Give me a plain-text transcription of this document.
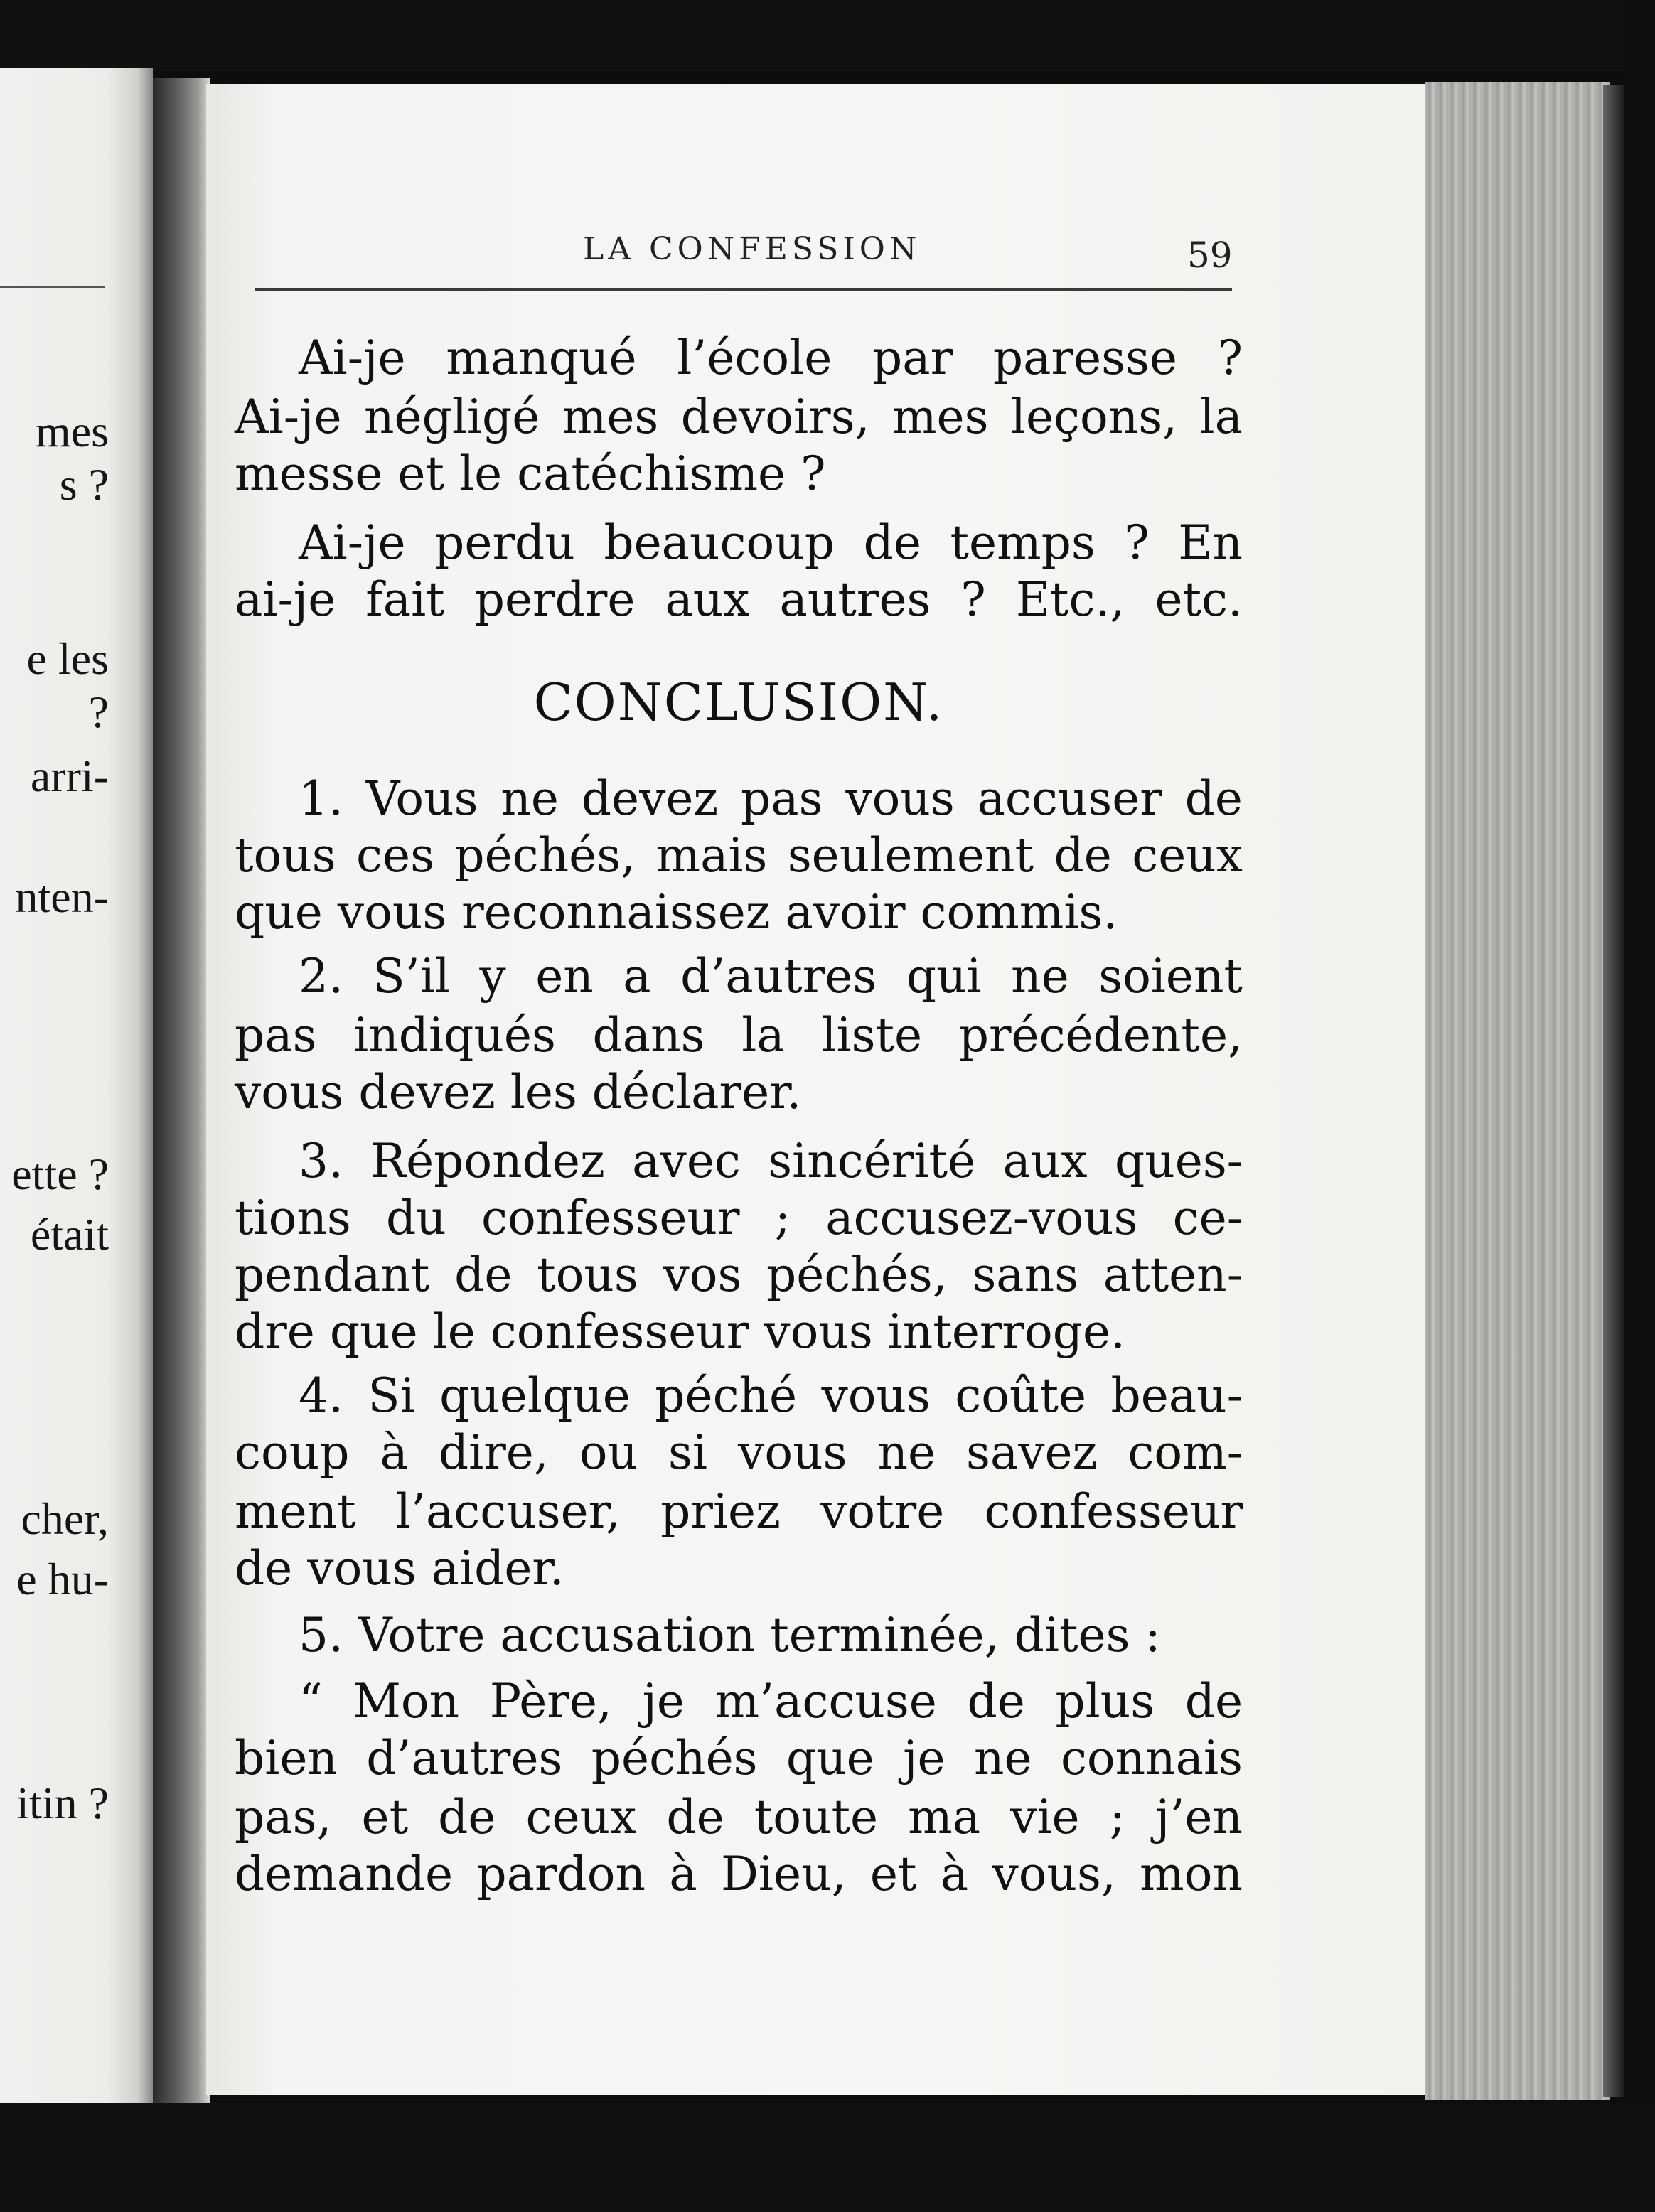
mes
s ?
e les
?
arri-
nten-
ette ?
était
cher,
e hu-
itin ?
LA CONFESSION	59
Ai-je manqué l’école par paresse ?
Ai-je négligé mes devoirs, mes leçons, la
messe et le catéchisme ?
Ai-je perdu beaucoup de temps ? En
ai-je fait perdre aux autres ? Etc., etc.
CONCLUSION.
1. Vous ne devez pas vous accuser de
tous ces péchés, mais seulement de ceux
que vous reconnaissez avoir commis.
2. S’il y en a d’autres qui ne soient
pas indiqués dans la liste précédente,
vous devez les déclarer.
3. Répondez avec sincérité aux ques-
tions du confesseur ; accusez-vous ce-
pendant de tous vos péchés, sans atten-
dre que le confesseur vous interroge.
4. Si quelque péché vous coûte beau-
coup à dire, ou si vous ne savez com-
ment l’accuser, priez votre confesseur
de vous aider.
5. Votre accusation terminée, dites :
“ Mon Père, je m’accuse de plus de
bien d’autres péchés que je ne connais
pas, et de ceux de toute ma vie ; j’en
demande pardon à Dieu, et à vous, mon
